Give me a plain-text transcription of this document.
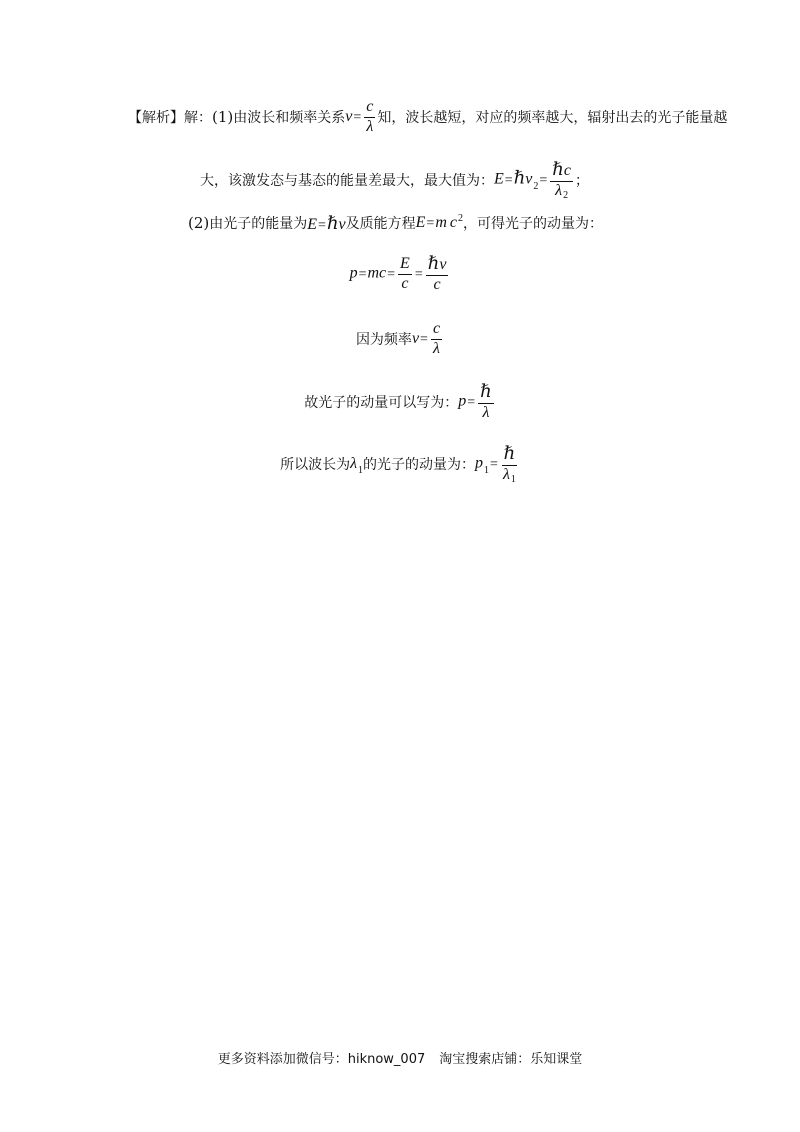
【解析】解： (1) 由波长和频率关系 $\nu= \frac{c}{\lambda}$ 知，波长越短，对应的频率越大，辐射出去的光子能量越
大，该激发态与基态的能量差最大，最大值为： E=ℏν$_2$= $\frac{\text{ℏc}}{\lambda 2}$ ；
(2) 由光子的能量为 E=ℏν 及质能方程 E=m $c^2$ ，可得光子的动量为：
$p=mc= \frac{E}{c} = \frac{\text{ℏν}}{c}$
因为频率 $\nu= \frac{c}{\lambda}$
故光子的动量可以写为： $p= \frac{\text{ℏ}}{\lambda}$
所以波长为 $\lambda_1$ 的光子的动量为： $p_1= \frac{\text{ℏ}}{\lambda 1}$
更多资料添加微信号：hiknow_007 淘宝搜索店铺：乐知课堂
